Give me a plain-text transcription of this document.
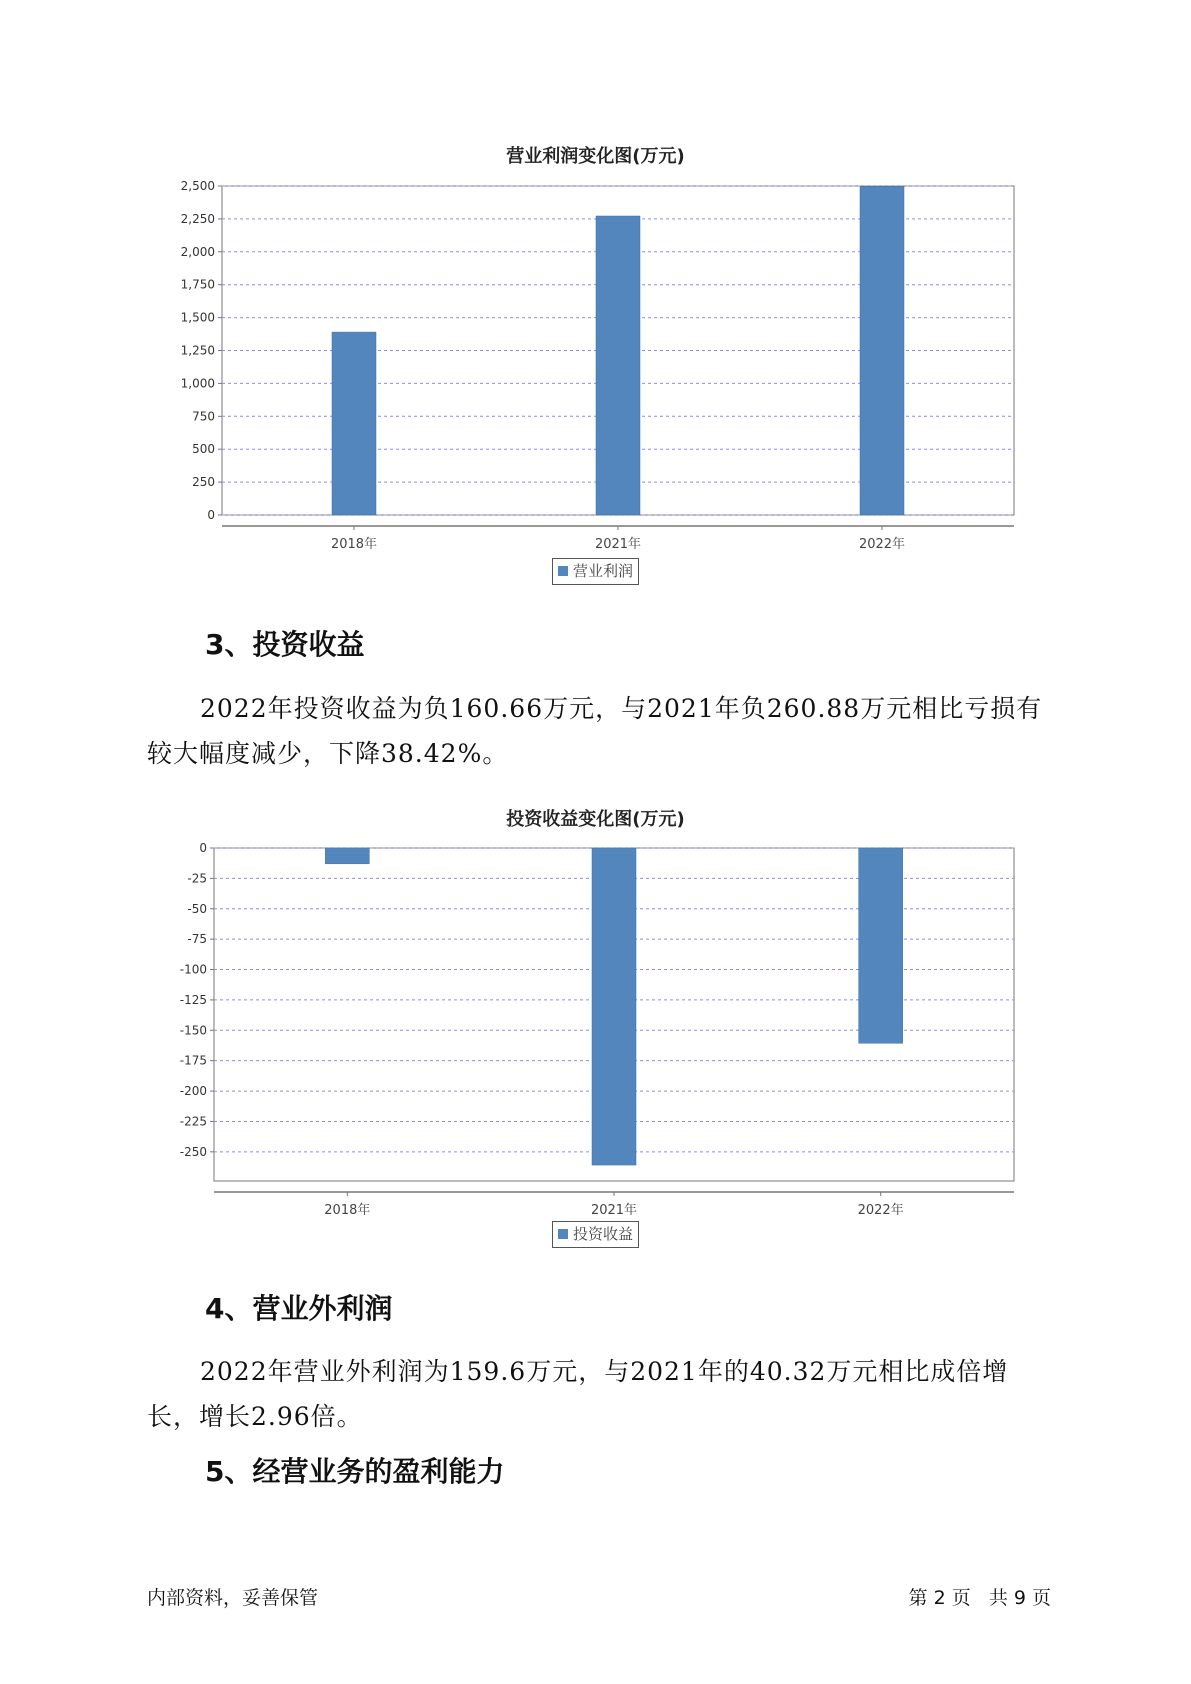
营业利润变化图(万元)
0
250
500
750
1,000
1,250
1,500
1,750
2,000
2,250
2,500
2018年	2021年	2022年
营业利润
3、投资收益

2022年投资收益为负160.66万元，与2021年负260.88万元相比亏损有较大幅度减少，下降38.42%。

投资收益变化图(万元)
0
-25
-50
-75
-100
-125
-150
-175
-200
-225
-250
2018年	2021年	2022年
投资收益
4、营业外利润

2022年营业外利润为159.6万元，与2021年的40.32万元相比成倍增长，增长2.96倍。

5、经营业务的盈利能力
内部资料，妥善保管	第 2 页   共 9 页
